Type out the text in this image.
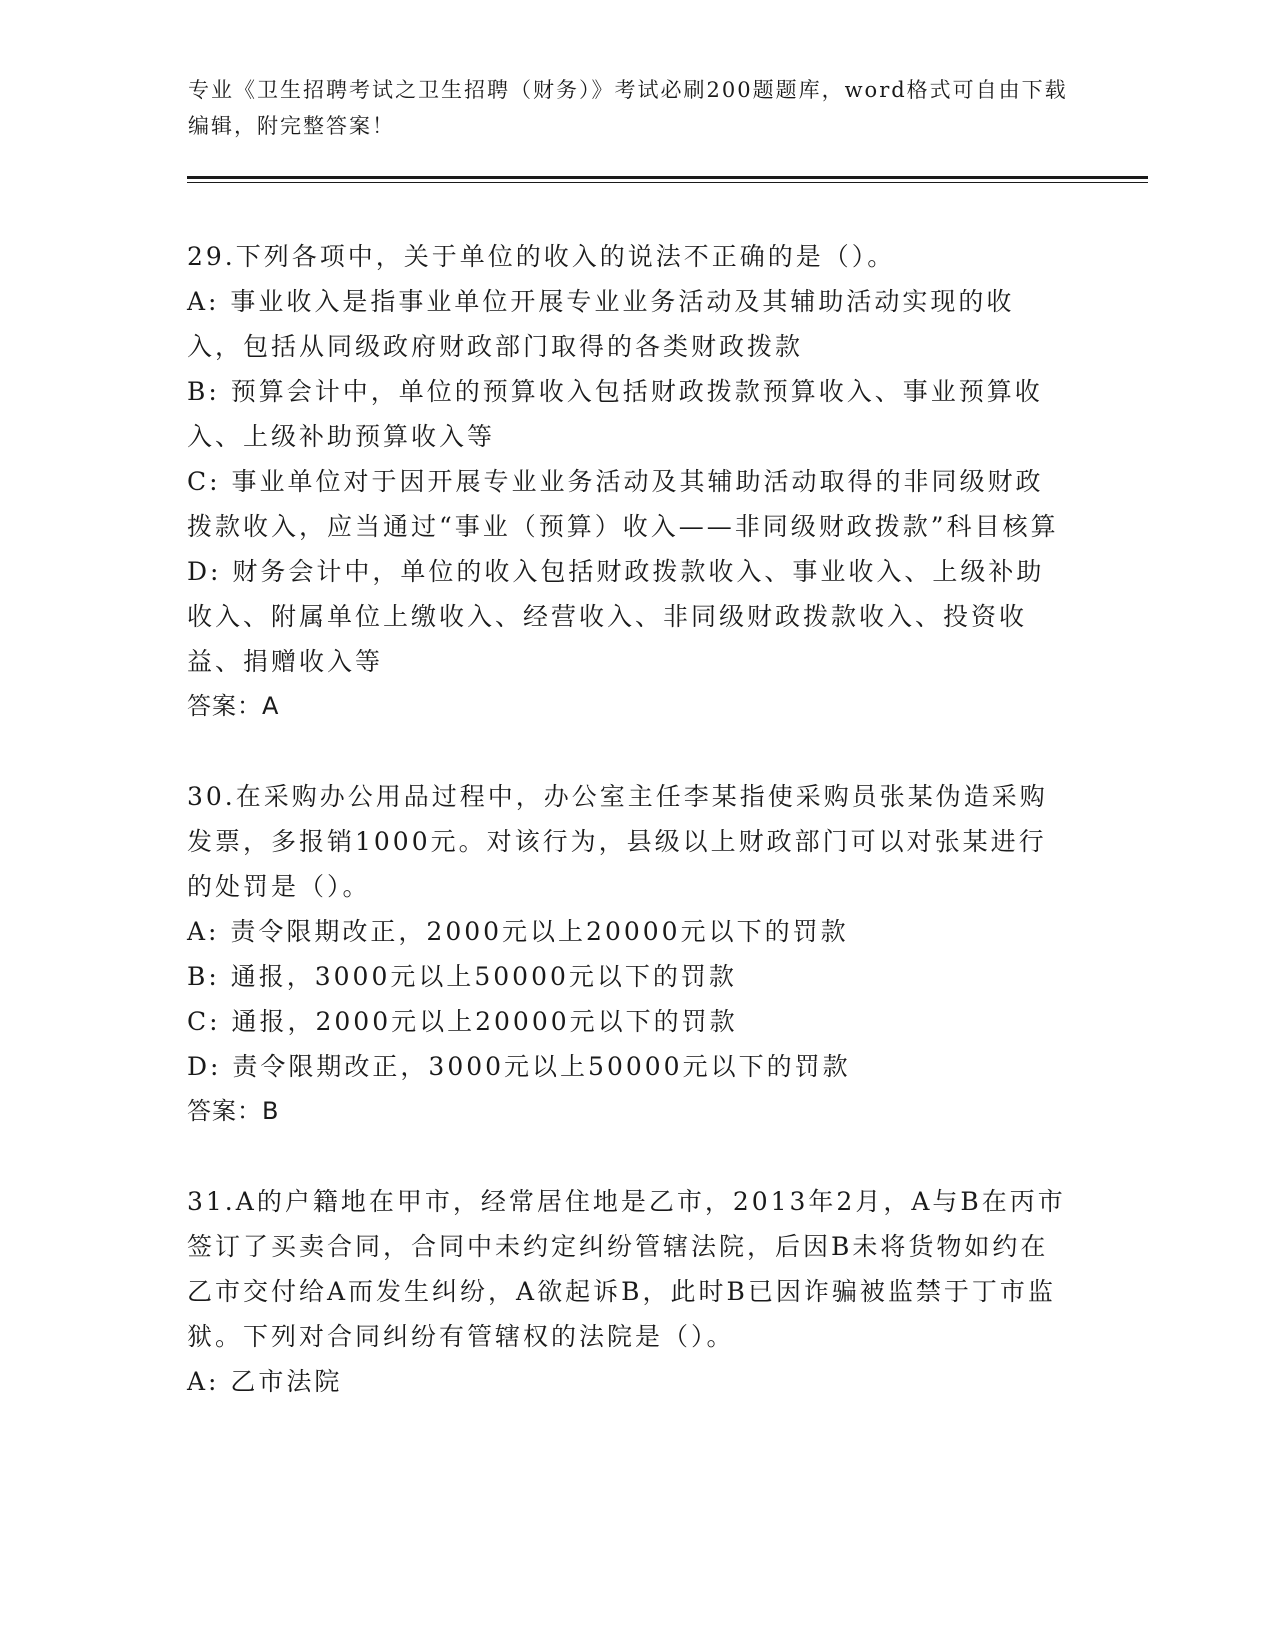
专业《卫生招聘考试之卫生招聘（财务）》考试必刷200题题库，word格式可自由下载编辑，附完整答案！

29.下列各项中，关于单位的收入的说法不正确的是（）。

A: 事业收入是指事业单位开展专业业务活动及其辅助活动实现的收入，包括从同级政府财政部门取得的各类财政拨款

B: 预算会计中，单位的预算收入包括财政拨款预算收入、事业预算收入、上级补助预算收入等

C: 事业单位对于因开展专业业务活动及其辅助活动取得的非同级财政拨款收入，应当通过“事业（预算）收入——非同级财政拨款”科目核算

D: 财务会计中，单位的收入包括财政拨款收入、事业收入、上级补助收入、附属单位上缴收入、经营收入、非同级财政拨款收入、投资收益、捐赠收入等

答案：A

30.在采购办公用品过程中，办公室主任李某指使采购员张某伪造采购发票，多报销1000元。对该行为，县级以上财政部门可以对张某进行的处罚是（）。

A: 责令限期改正，2000元以上20000元以下的罚款

B: 通报，3000元以上50000元以下的罚款

C: 通报，2000元以上20000元以下的罚款

D: 责令限期改正，3000元以上50000元以下的罚款

答案：B

31.A的户籍地在甲市，经常居住地是乙市，2013年2月，A与B在丙市签订了买卖合同，合同中未约定纠纷管辖法院，后因B未将货物如约在乙市交付给A而发生纠纷，A欲起诉B，此时B已因诈骗被监禁于丁市监狱。下列对合同纠纷有管辖权的法院是（）。

A: 乙市法院
